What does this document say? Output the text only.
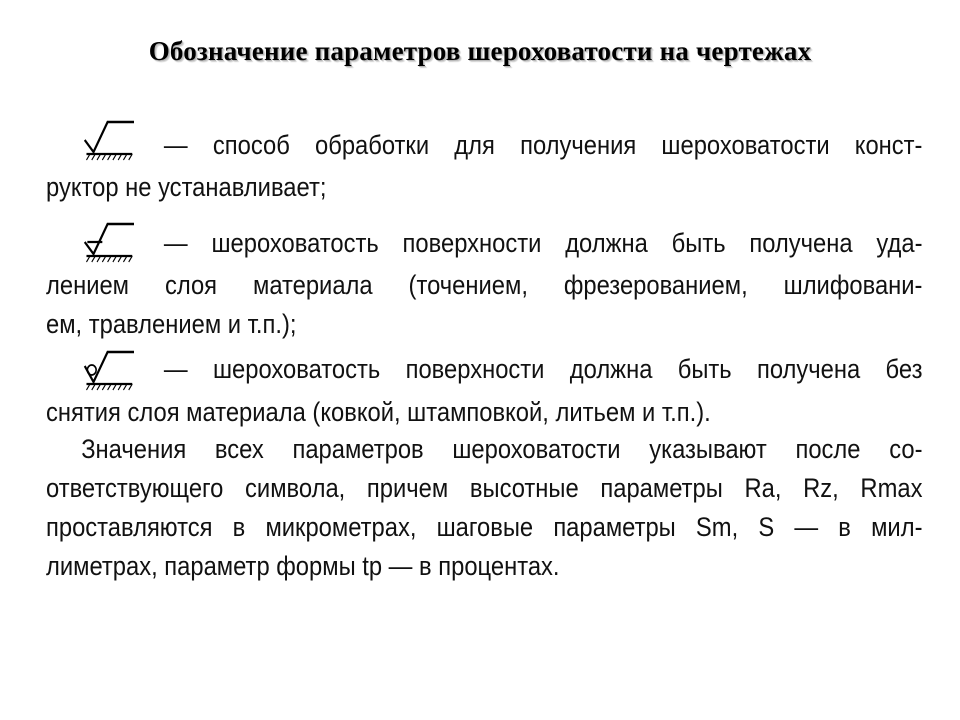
Обозначение параметров шероховатости на чертежах
— способ обработки для получения шероховатости конст-
руктор не устанавливает;
— шероховатость поверхности должна быть получена уда-
лением слоя материала (точением, фрезерованием, шлифовани-
ем, травлением и т.п.);
— шероховатость поверхности должна быть получена без
снятия слоя материала (ковкой, штамповкой, литьем и т.п.).
Значения всех параметров шероховатости указывают после со-
ответствующего символа, причем высотные параметры Ra, Rz, Rmax
проставляются в микрометрах, шаговые параметры Sm, S — в мил-
лиметрах, параметр формы tp — в процентах.
